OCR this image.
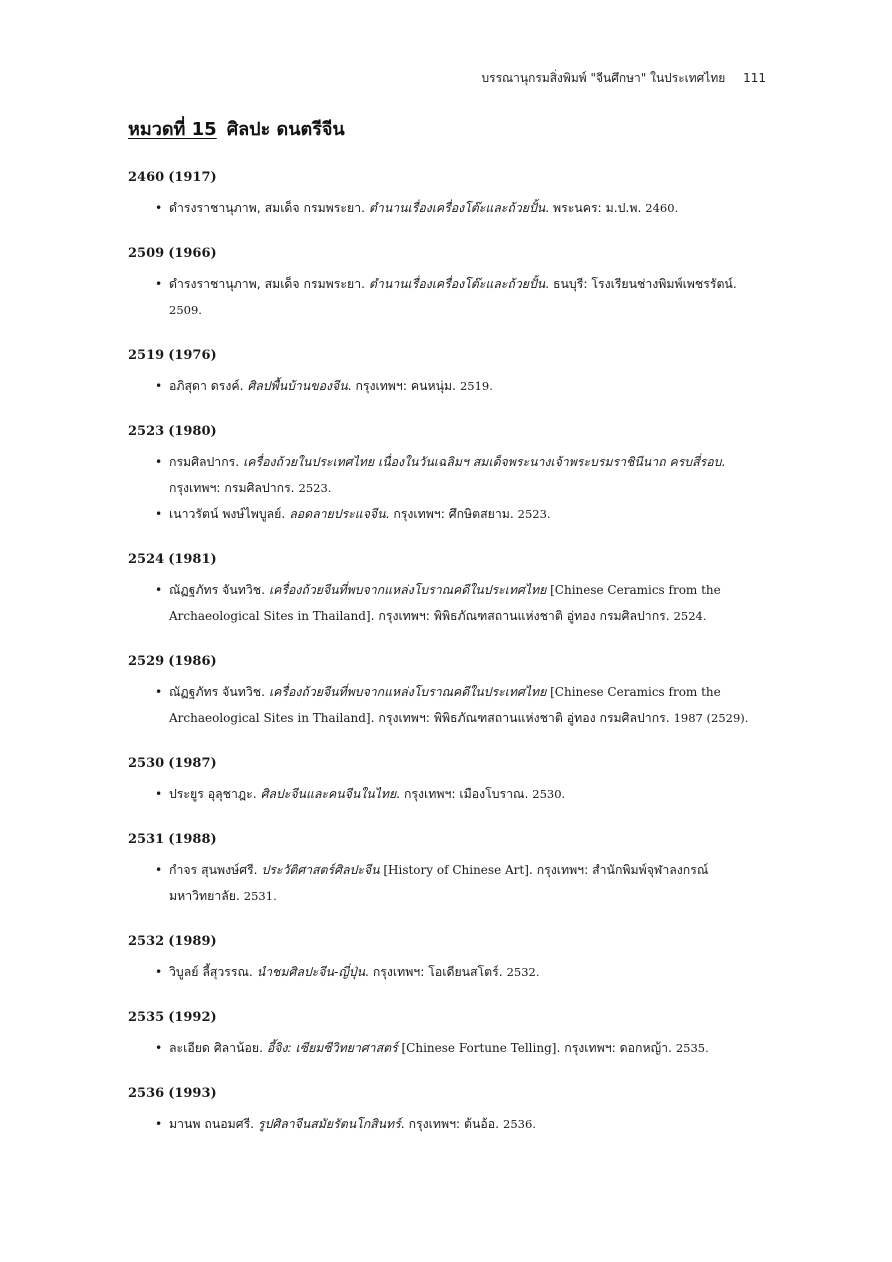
บรรณานุกรมสิ่งพิมพ์ "จีนศึกษา" ในประเทศไทย 111
หมวดที่ 15 ศิลปะ ดนตรีจีน
2460 (1917)
• ดำรงราชานุภาพ, สมเด็จ กรมพระยา. ตำนานเรื่องเครื่องโต๊ะและถ้วยปั้น. พระนคร: ม.ป.พ. 2460.
2509 (1966)
• ดำรงราชานุภาพ, สมเด็จ กรมพระยา. ตำนานเรื่องเครื่องโต๊ะและถ้วยปั้น. ธนบุรี: โรงเรียนช่างพิมพ์เพชรรัตน์. 2509.
2519 (1976)
• อภิสุดา ดรงค์. ศิลปพื้นบ้านของจีน. กรุงเทพฯ: คนหนุ่ม. 2519.
2523 (1980)
• กรมศิลปากร. เครื่องถ้วยในประเทศไทย เนื่องในวันเฉลิมฯ สมเด็จพระนางเจ้าพระบรมราชินีนาถ ครบสี่รอบ. กรุงเทพฯ: กรมศิลปากร. 2523.
• เนาวรัตน์ พงษ์ไพบูลย์. ลอดลายประแจจีน. กรุงเทพฯ: ศึกษิตสยาม. 2523.
2524 (1981)
• ณัฏฐภัทร จันทวิช. เครื่องถ้วยจีนที่พบจากแหล่งโบราณคดีในประเทศไทย [Chinese Ceramics from the Archaeological Sites in Thailand]. กรุงเทพฯ: พิพิธภัณฑสถานแห่งชาติ อู่ทอง กรมศิลปากร. 2524.
2529 (1986)
• ณัฏฐภัทร จันทวิช. เครื่องถ้วยจีนที่พบจากแหล่งโบราณคดีในประเทศไทย [Chinese Ceramics from the Archaeological Sites in Thailand]. กรุงเทพฯ: พิพิธภัณฑสถานแห่งชาติ อู่ทอง กรมศิลปากร. 1987 (2529).
2530 (1987)
• ประยูร อุลุชาฎะ. ศิลปะจีนและคนจีนในไทย. กรุงเทพฯ: เมืองโบราณ. 2530.
2531 (1988)
• กำจร สุนพงษ์ศรี. ประวัติศาสตร์ศิลปะจีน [History of Chinese Art]. กรุงเทพฯ: สำนักพิมพ์จุฬาลงกรณ์มหาวิทยาลัย. 2531.
2532 (1989)
• วิบูลย์ ลี้สุวรรณ. นำชมศิลปะจีน-ญี่ปุ่น. กรุงเทพฯ: โอเดียนสโตร์. 2532.
2535 (1992)
• ละเอียด ศิลาน้อย. อี้จิง: เซียมซีวิทยาศาสตร์ [Chinese Fortune Telling]. กรุงเทพฯ: ดอกหญ้า. 2535.
2536 (1993)
• มานพ ถนอมศรี. รูปศิลาจีนสมัยรัตนโกสินทร์. กรุงเทพฯ: ต้นอ้อ. 2536.
